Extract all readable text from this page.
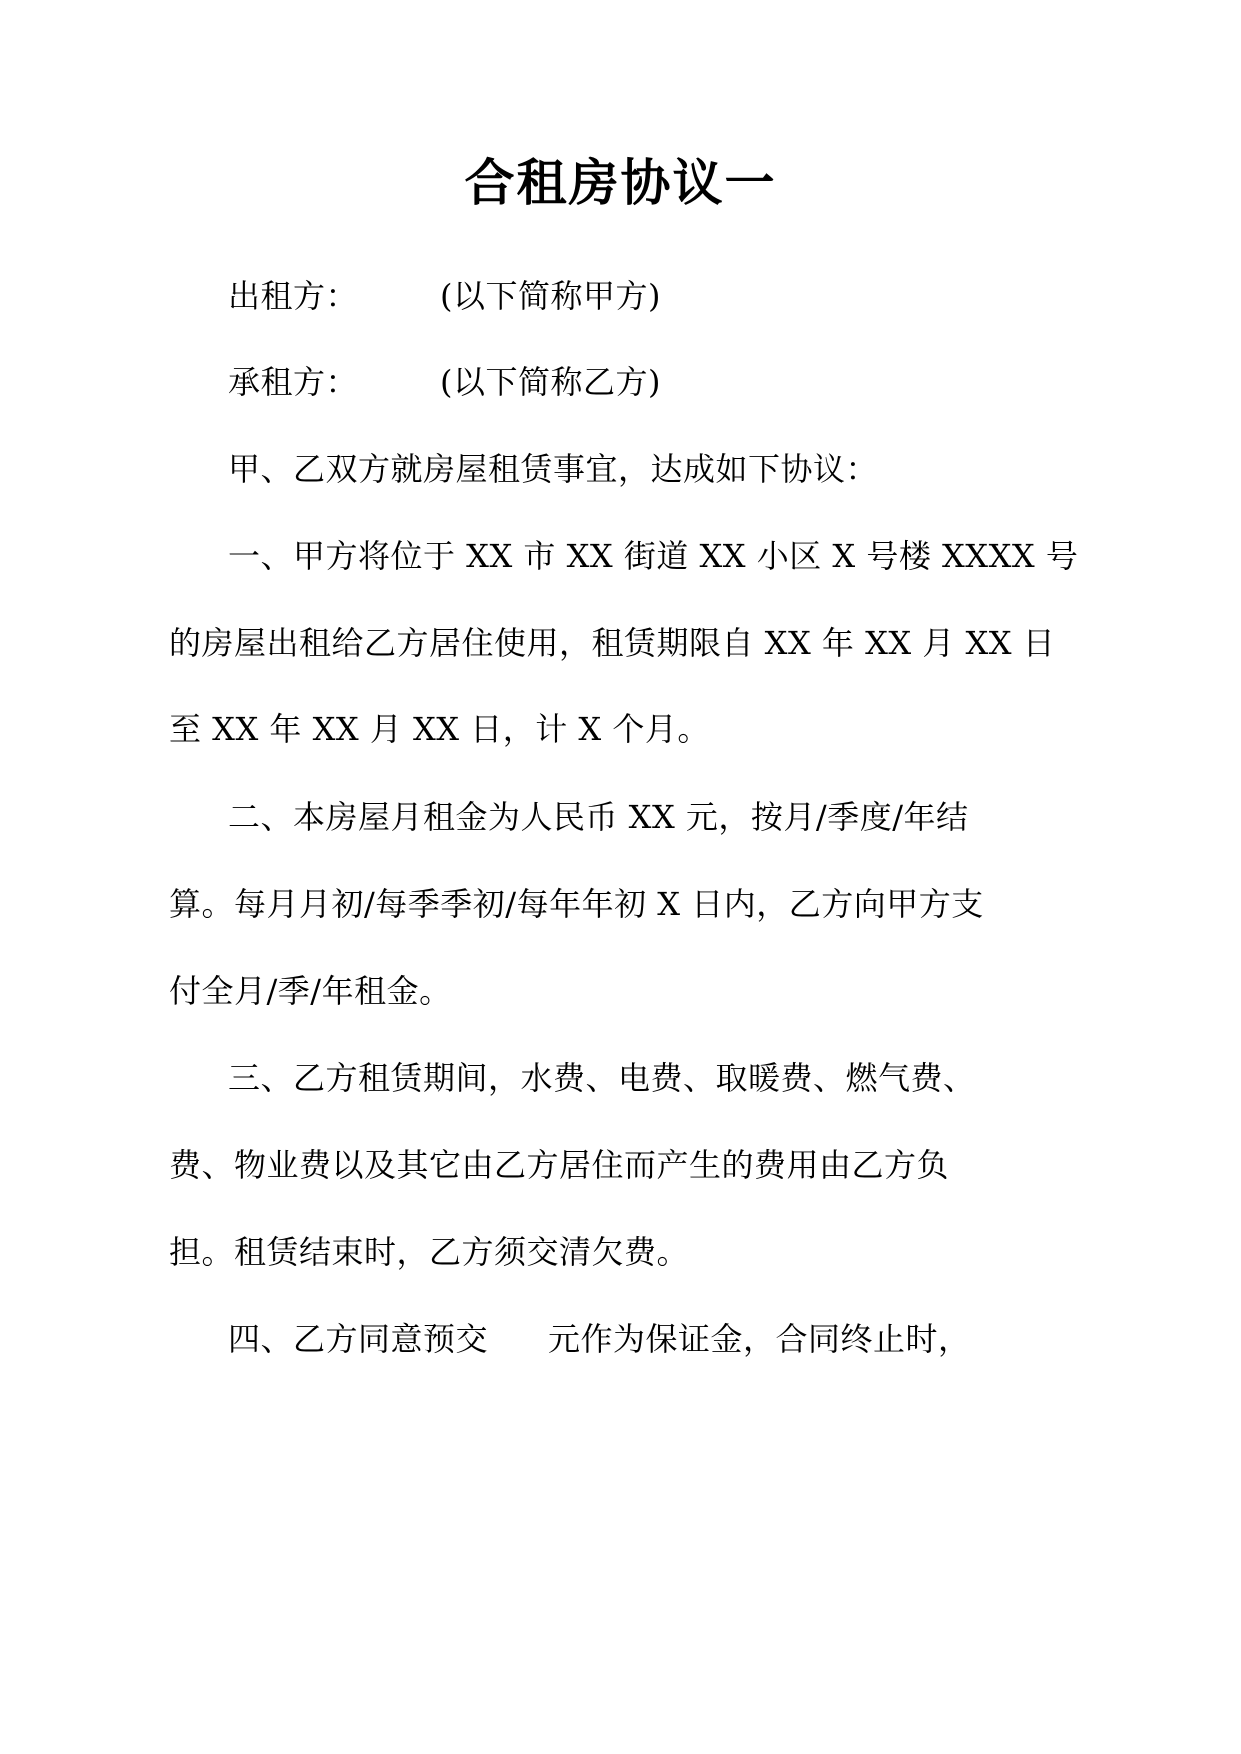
合租房协议一
出租方：	(以下简称甲方)
承租方：	(以下简称乙方)
甲、乙双方就房屋租赁事宜，达成如下协议：
一、甲方将位于 XX 市 XX 街道 XX 小区 X 号楼 XXXX 号
的房屋出租给乙方居住使用，租赁期限自 XX 年 XX 月 XX 日
至 XX 年 XX 月 XX 日，计 X 个月。
二、本房屋月租金为人民币 XX 元，按月/季度/年结
算。每月月初/每季季初/每年年初 X 日内，乙方向甲方支
付全月/季/年租金。
三、乙方租赁期间，水费、电费、取暖费、燃气费、
费、物业费以及其它由乙方居住而产生的费用由乙方负
担。租赁结束时，乙方须交清欠费。
四、乙方同意预交 元作为保证金，合同终止时，
